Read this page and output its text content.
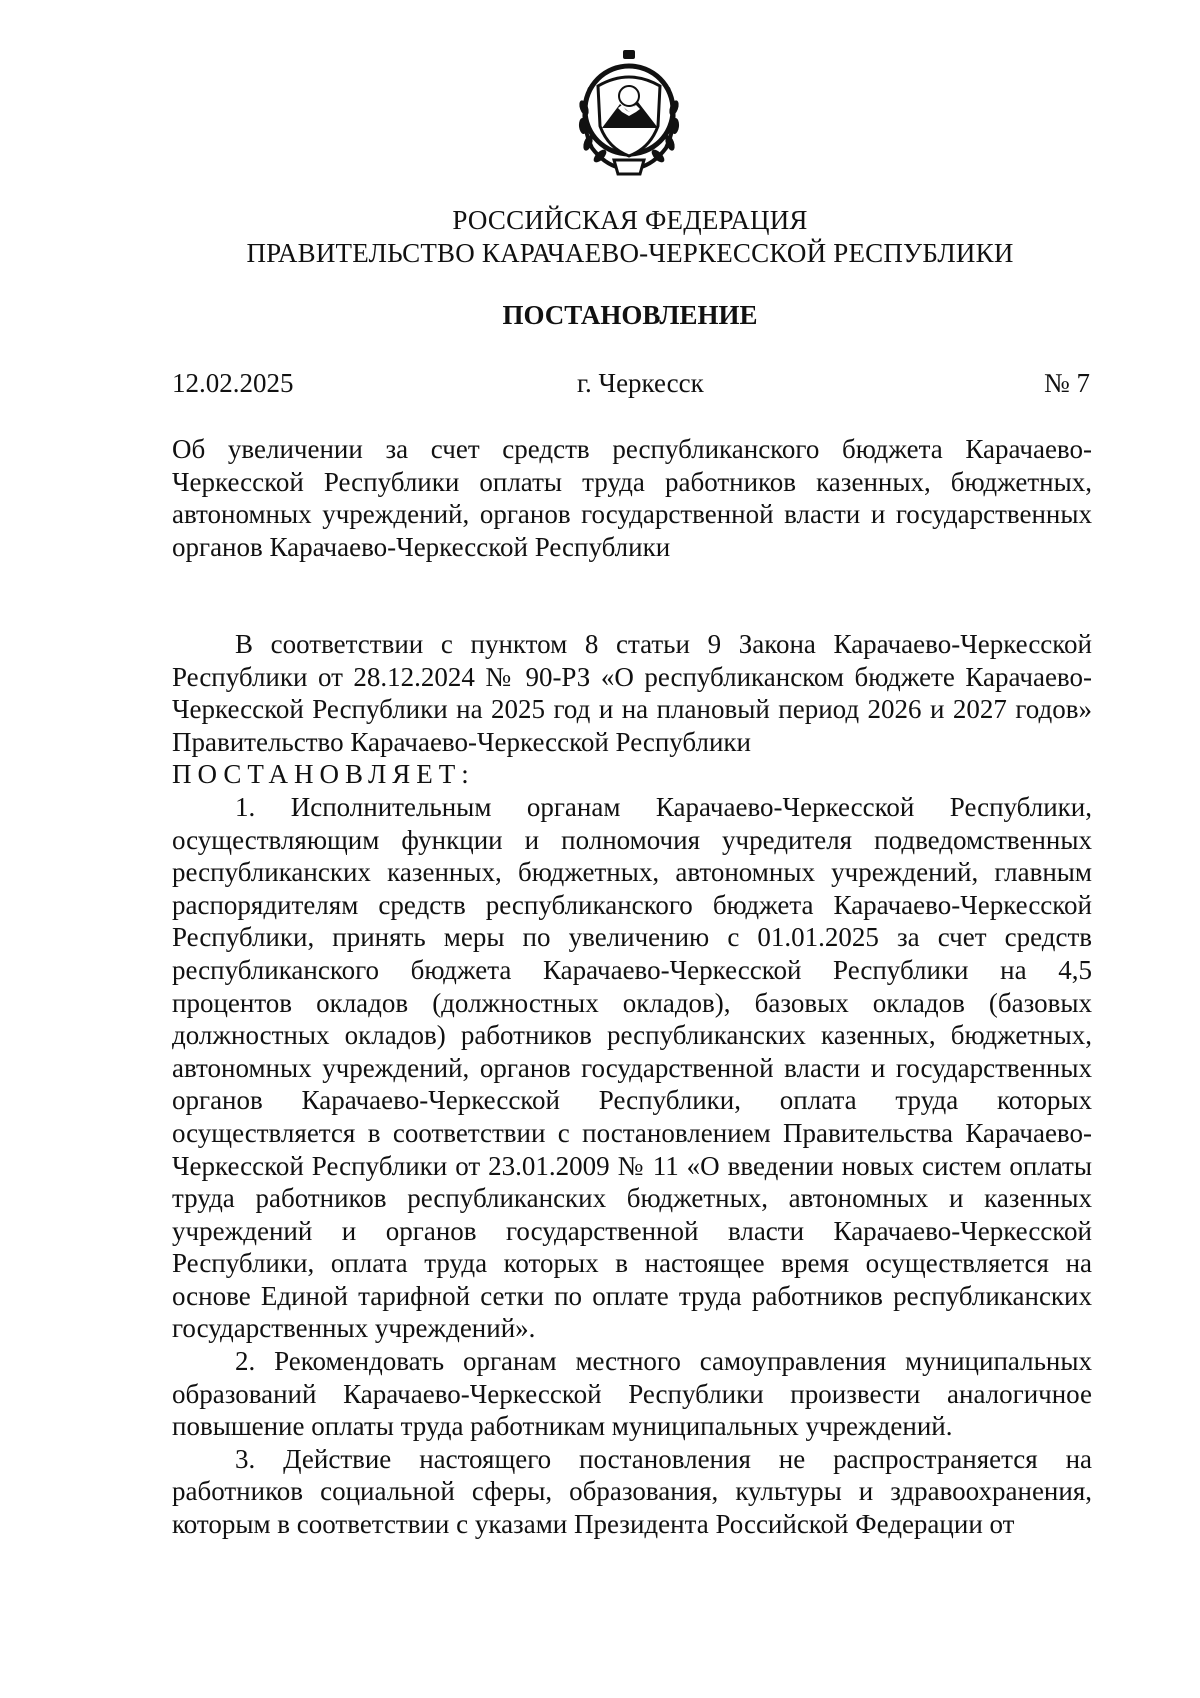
РОССИЙСКАЯ ФЕДЕРАЦИЯ
ПРАВИТЕЛЬСТВО КАРАЧАЕВО-ЧЕРКЕССКОЙ РЕСПУБЛИКИ
ПОСТАНОВЛЕНИЕ
12.02.2025	г. Черкесск	№ 7
Об увеличении за счет средств республиканского бюджета Карачаево-Черкесской Республики оплаты труда работников казенных, бюджетных, автономных учреждений, органов государственной власти и государственных органов Карачаево-Черкесской Республики

В соответствии с пунктом 8 статьи 9 Закона Карачаево-Черкесской Республики от 28.12.2024 № 90-РЗ «О республиканском бюджете Карачаево- Черкесской Республики на 2025 год и на плановый период 2026 и 2027 годов» Правительство Карачаево-Черкесской Республики

ПОСТАНОВЛЯЕТ:

1. Исполнительным органам Карачаево-Черкесской Республики, осуществляющим функции и полномочия учредителя подведомственных республиканских казенных, бюджетных, автономных учреждений, главным распорядителям средств республиканского бюджета Карачаево-Черкесской Республики, принять меры по увеличению с 01.01.2025 за счет средств республиканского бюджета Карачаево-Черкесской Республики на 4,5 процентов окладов (должностных окладов), базовых окладов (базовых должностных окладов) работников республиканских казенных, бюджетных, автономных учреждений, органов государственной власти и государственных органов Карачаево-Черкесской Республики, оплата труда которых осуществляется в соответствии с постановлением Правительства Карачаево-Черкесской Республики от 23.01.2009 № 11 «О введении новых систем оплаты труда работников республиканских бюджетных, автономных и казенных учреждений и органов государственной власти Карачаево-Черкесской Республики, оплата труда которых в настоящее время осуществляется на основе Единой тарифной сетки по оплате труда работников республиканских государственных учреждений».

2. Рекомендовать органам местного самоуправления муниципальных образований Карачаево-Черкесской Республики произвести аналогичное повышение оплаты труда работникам муниципальных учреждений.

3. Действие настоящего постановления не распространяется на работников социальной сферы, образования, культуры и здравоохранения, которым в соответствии с указами Президента Российской Федерации от
